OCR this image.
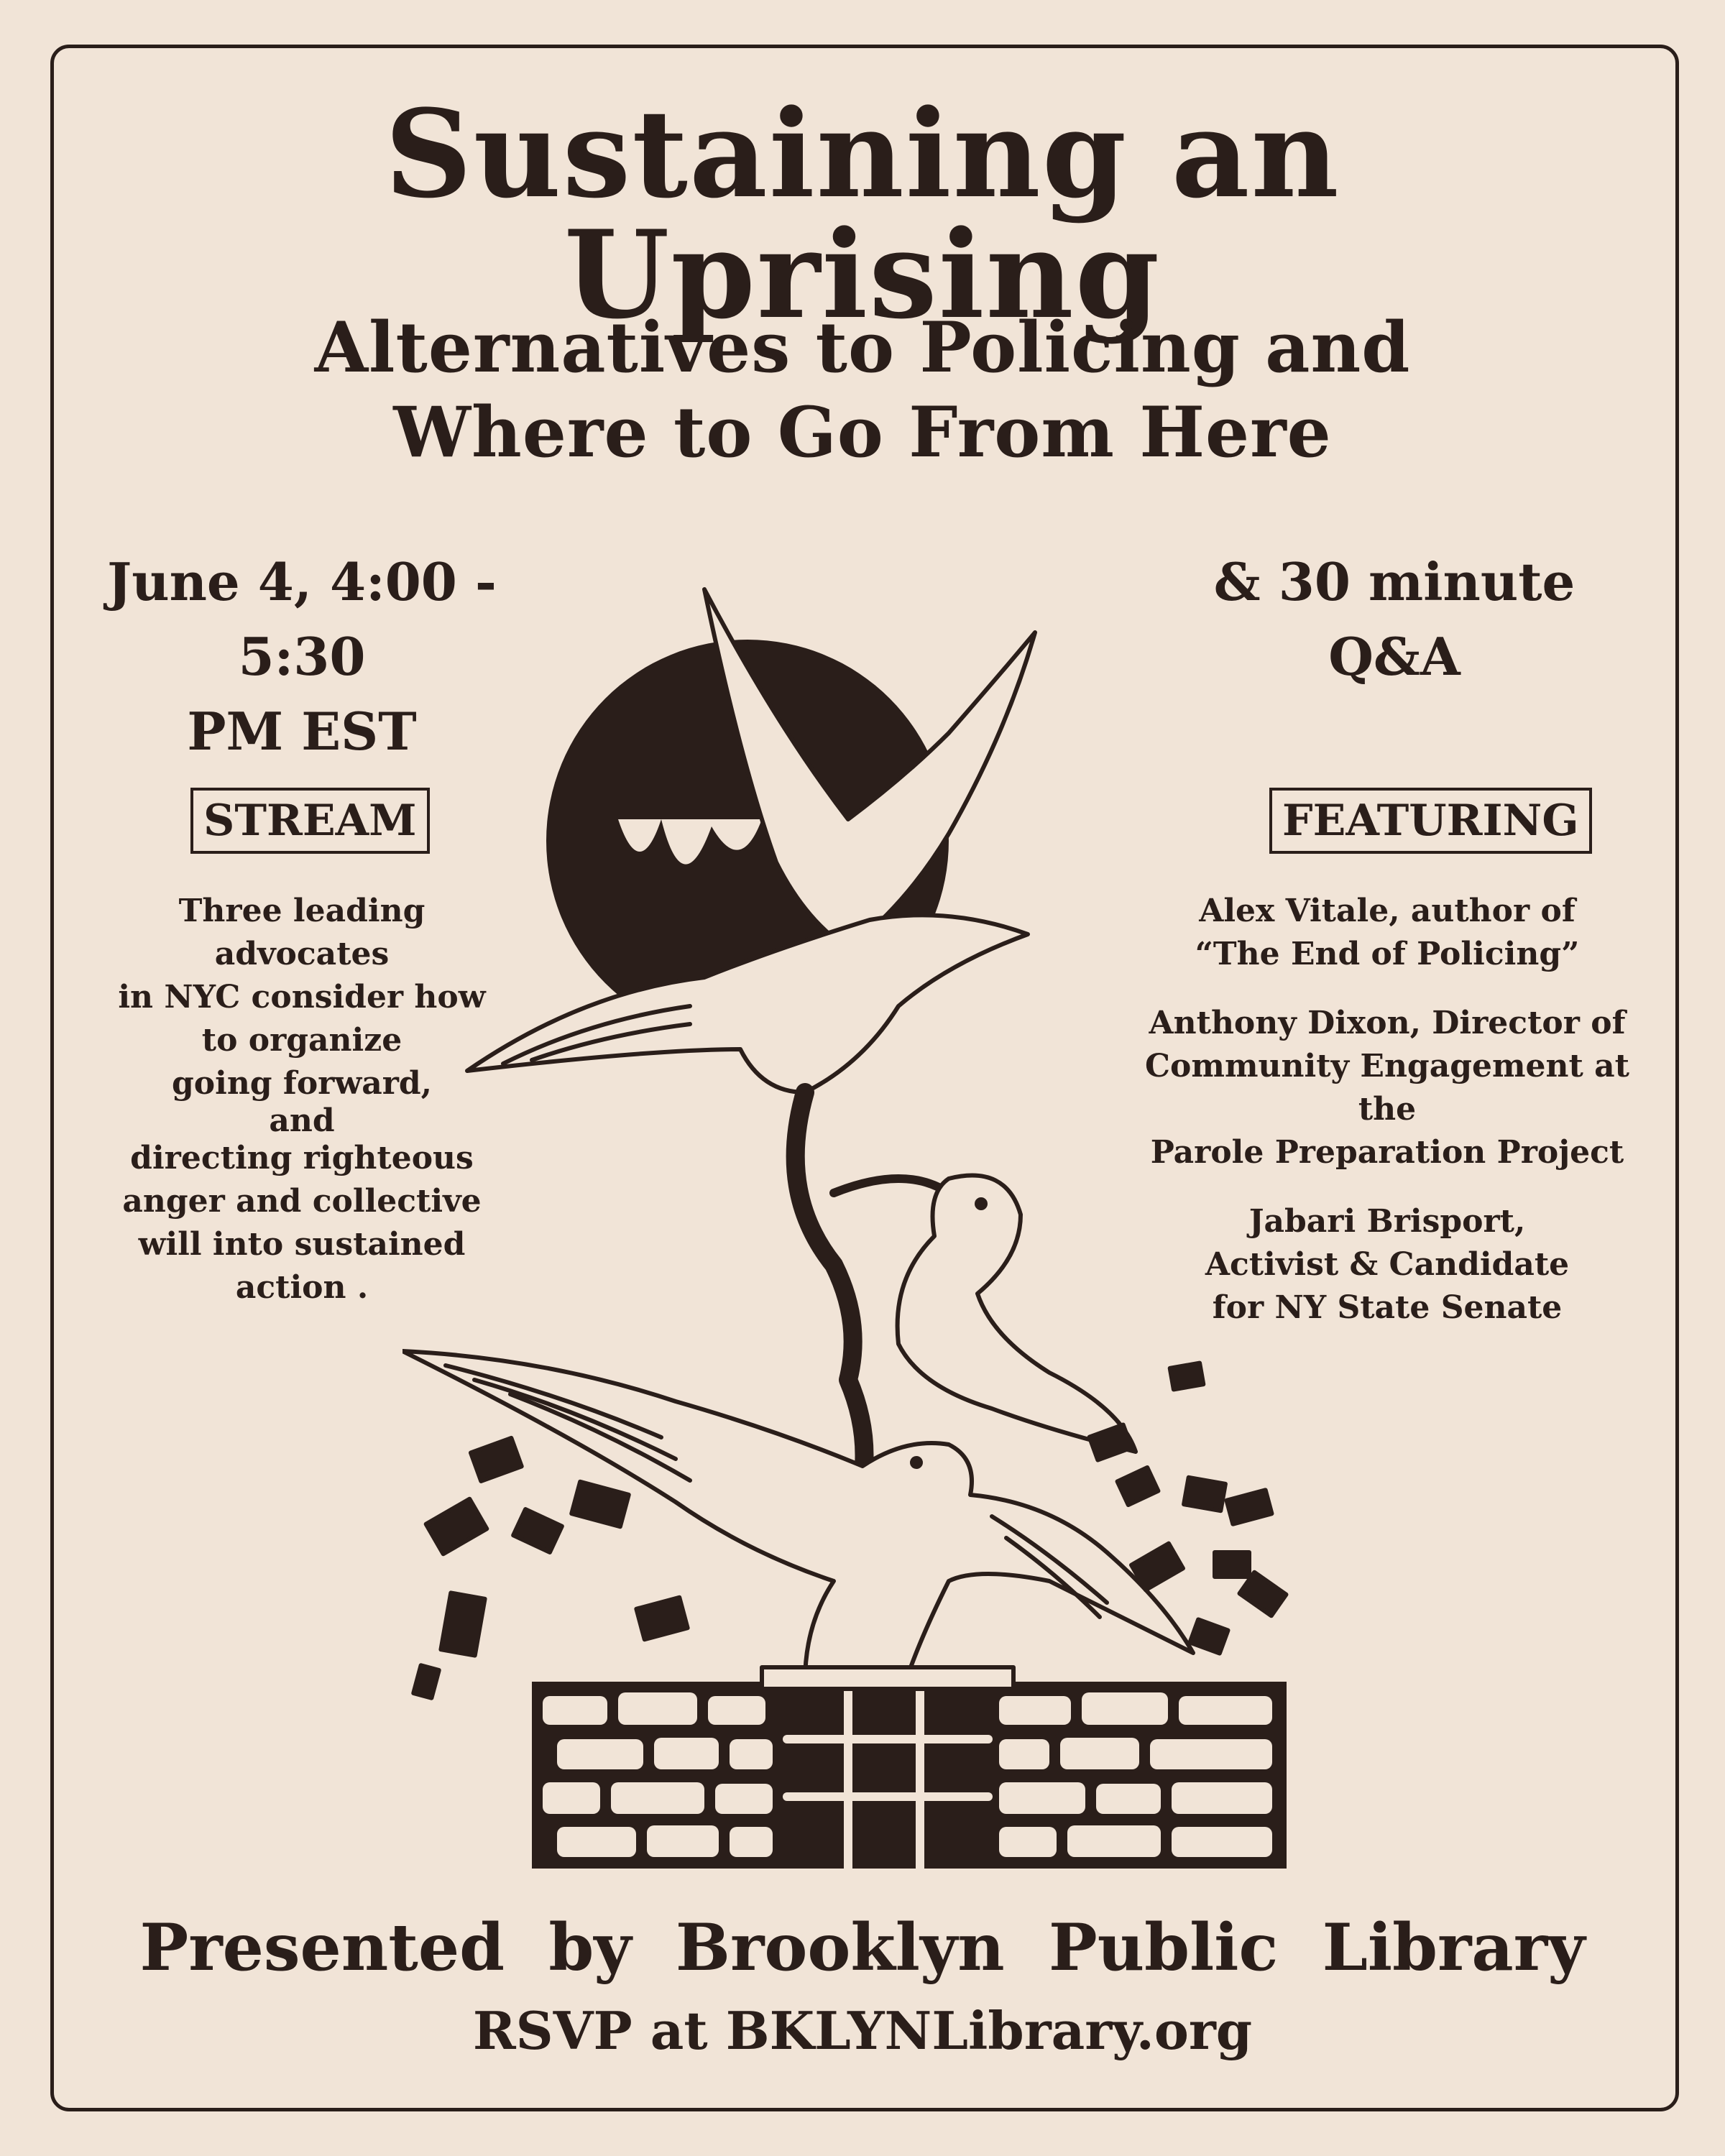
Sustaining an Uprising
Alternatives to Policing and
Where to Go From Here
June 4, 4:00 - 5:30
PM EST
& 30 minute
Q&A
STREAM	FEATURING
Three leading advocates
in NYC consider how
to organize
going forward,
and
directing righteous
anger and collective
will into sustained
action .
Alex Vitale, author of
“The End of Policing”
Anthony Dixon, Director of
Community Engagement at the
Parole Preparation Project
Jabari Brisport,
Activist & Candidate
for NY State Senate
Presented by Brooklyn Public Library
RSVP at BKLYNLibrary.org
